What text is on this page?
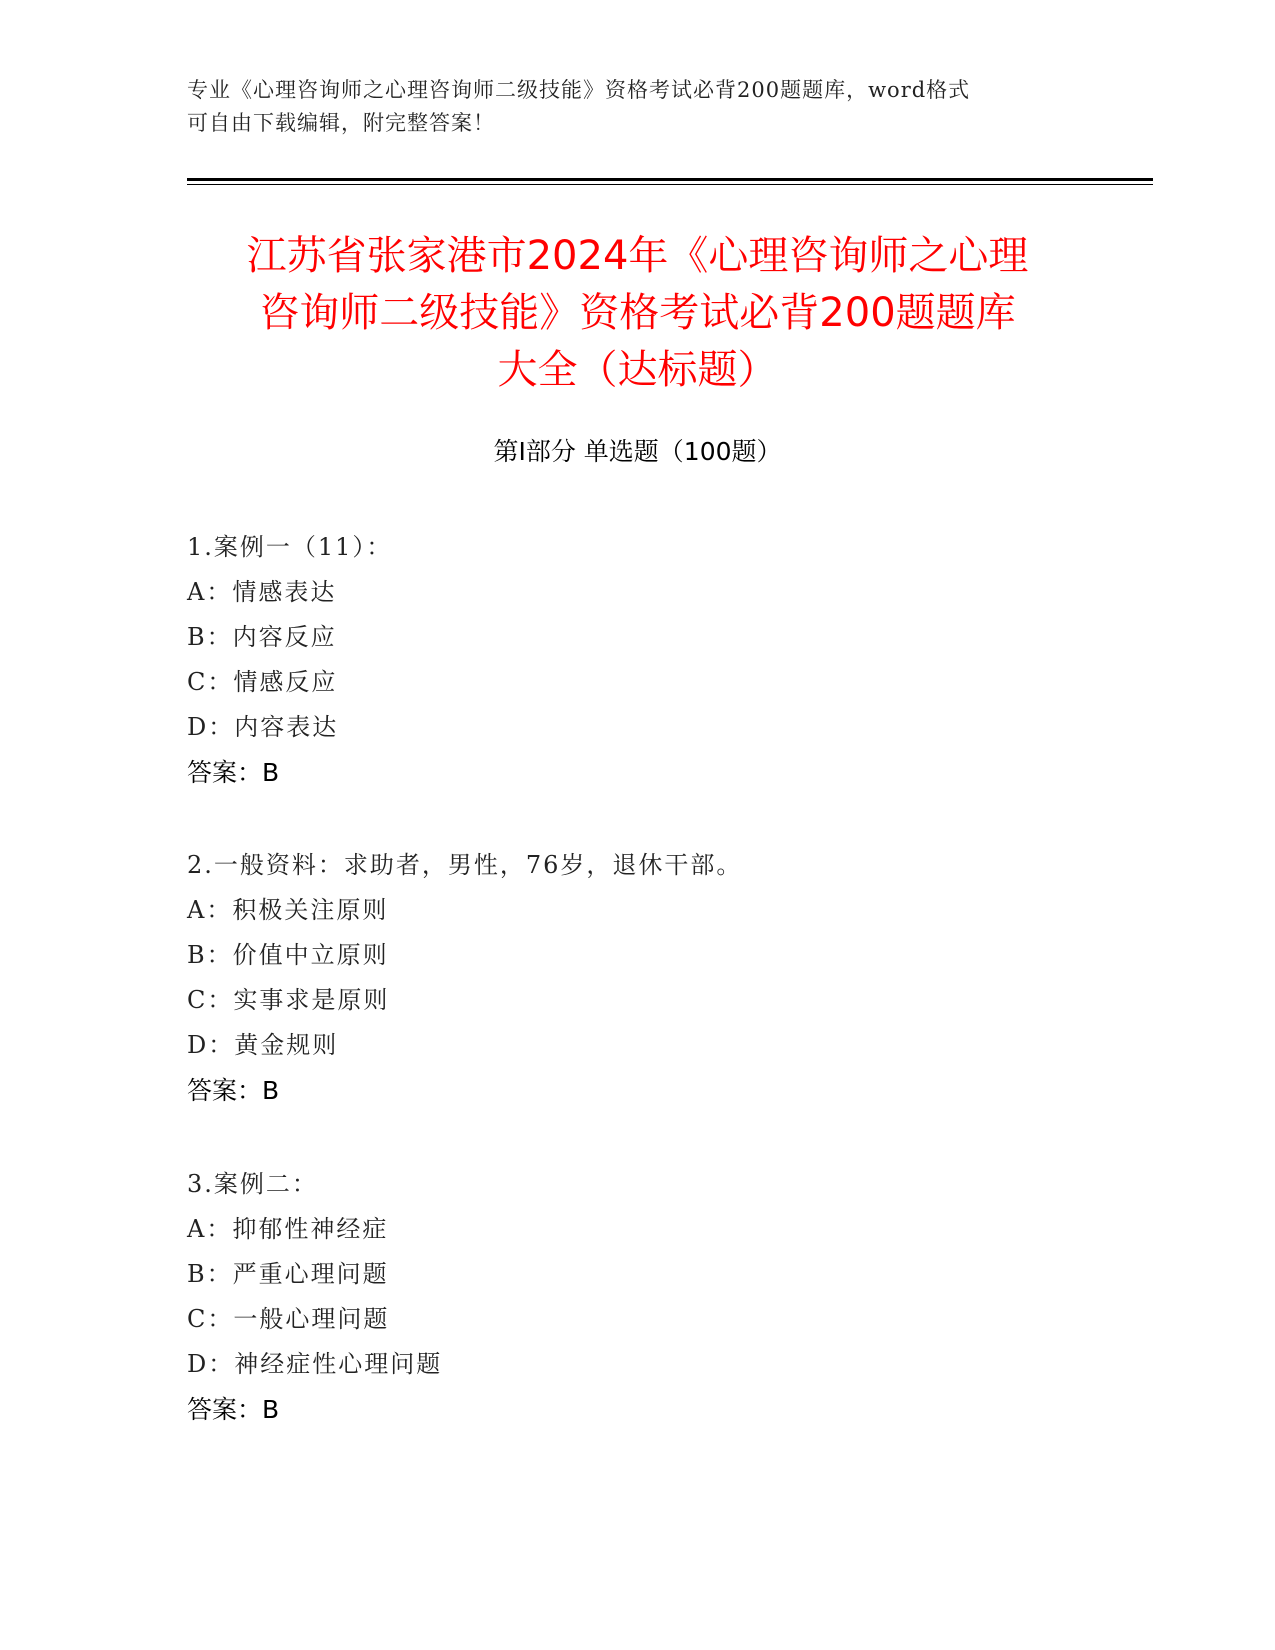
专业《心理咨询师之心理咨询师二级技能》资格考试必背200题题库，word格式
可自由下载编辑，附完整答案！
江苏省张家港市2024年《心理咨询师之心理
咨询师二级技能》资格考试必背200题题库
大全（达标题）
第Ⅰ部分 单选题（100题）
1.案例一（11）：
A：情感表达
B：内容反应
C：情感反应
D：内容表达
答案：B
2.一般资料：求助者，男性，76岁，退休干部。
A：积极关注原则
B：价值中立原则
C：实事求是原则
D：黄金规则
答案：B
3.案例二：
A：抑郁性神经症
B：严重心理问题
C：一般心理问题
D：神经症性心理问题
答案：B
